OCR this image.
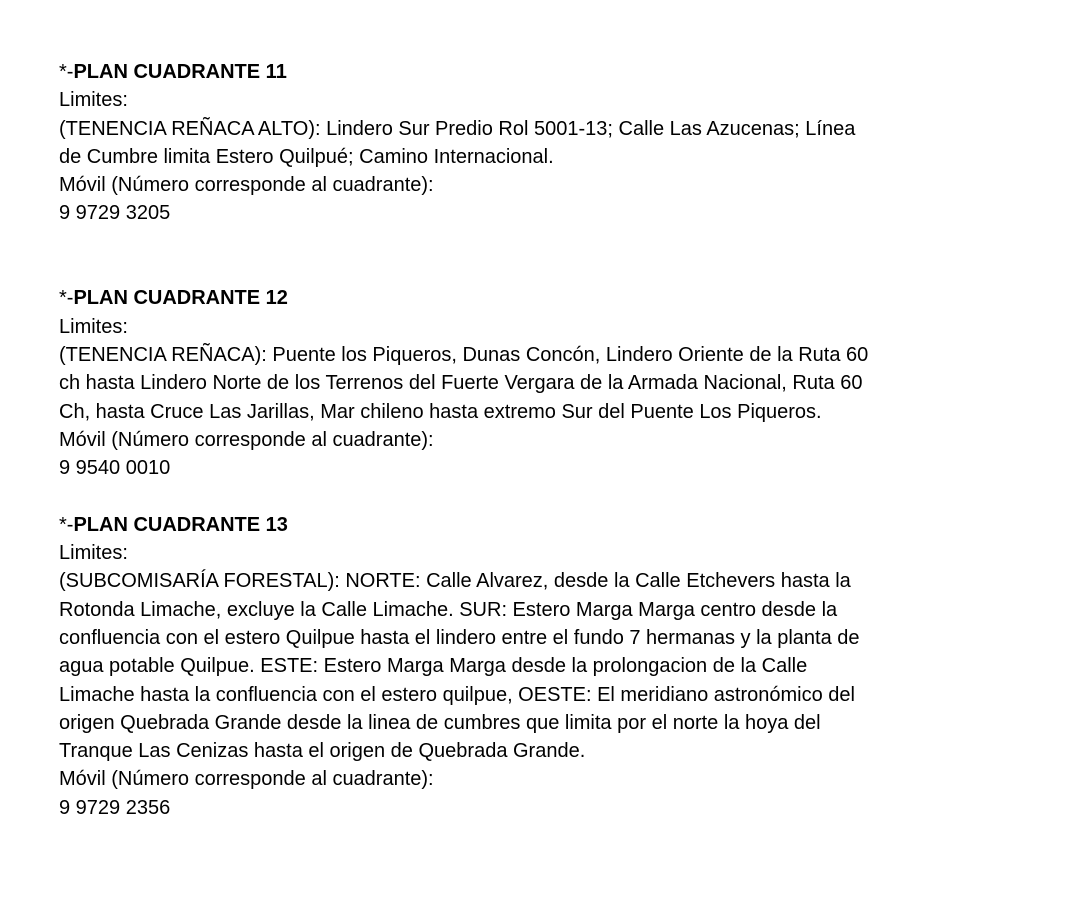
*-PLAN CUADRANTE 11
Limites:
(TENENCIA REÑACA ALTO): Lindero Sur Predio Rol 5001-13; Calle Las Azucenas; Línea
de Cumbre limita Estero Quilpué; Camino Internacional.
Móvil (Número corresponde al cuadrante):
9 9729 3205
*-PLAN CUADRANTE 12
Limites:
(TENENCIA REÑACA): Puente los Piqueros, Dunas Concón, Lindero Oriente de la Ruta 60
ch hasta Lindero Norte de los Terrenos del Fuerte Vergara de la Armada Nacional, Ruta 60
Ch, hasta Cruce Las Jarillas, Mar chileno hasta extremo Sur del Puente Los Piqueros.
Móvil (Número corresponde al cuadrante):
9 9540 0010
*-PLAN CUADRANTE 13
Limites:
(SUBCOMISARÍA FORESTAL): NORTE: Calle Alvarez, desde la Calle Etchevers hasta la
Rotonda Limache, excluye la Calle Limache. SUR: Estero Marga Marga centro desde la
confluencia con el estero Quilpue hasta el lindero entre el fundo 7 hermanas y la planta de
agua potable Quilpue. ESTE: Estero Marga Marga desde la prolongacion de la Calle
Limache hasta la confluencia con el estero quilpue, OESTE: El meridiano astronómico del
origen Quebrada Grande desde la linea de cumbres que limita por el norte la hoya del
Tranque Las Cenizas hasta el origen de Quebrada Grande.
Móvil (Número corresponde al cuadrante):
9 9729 2356
